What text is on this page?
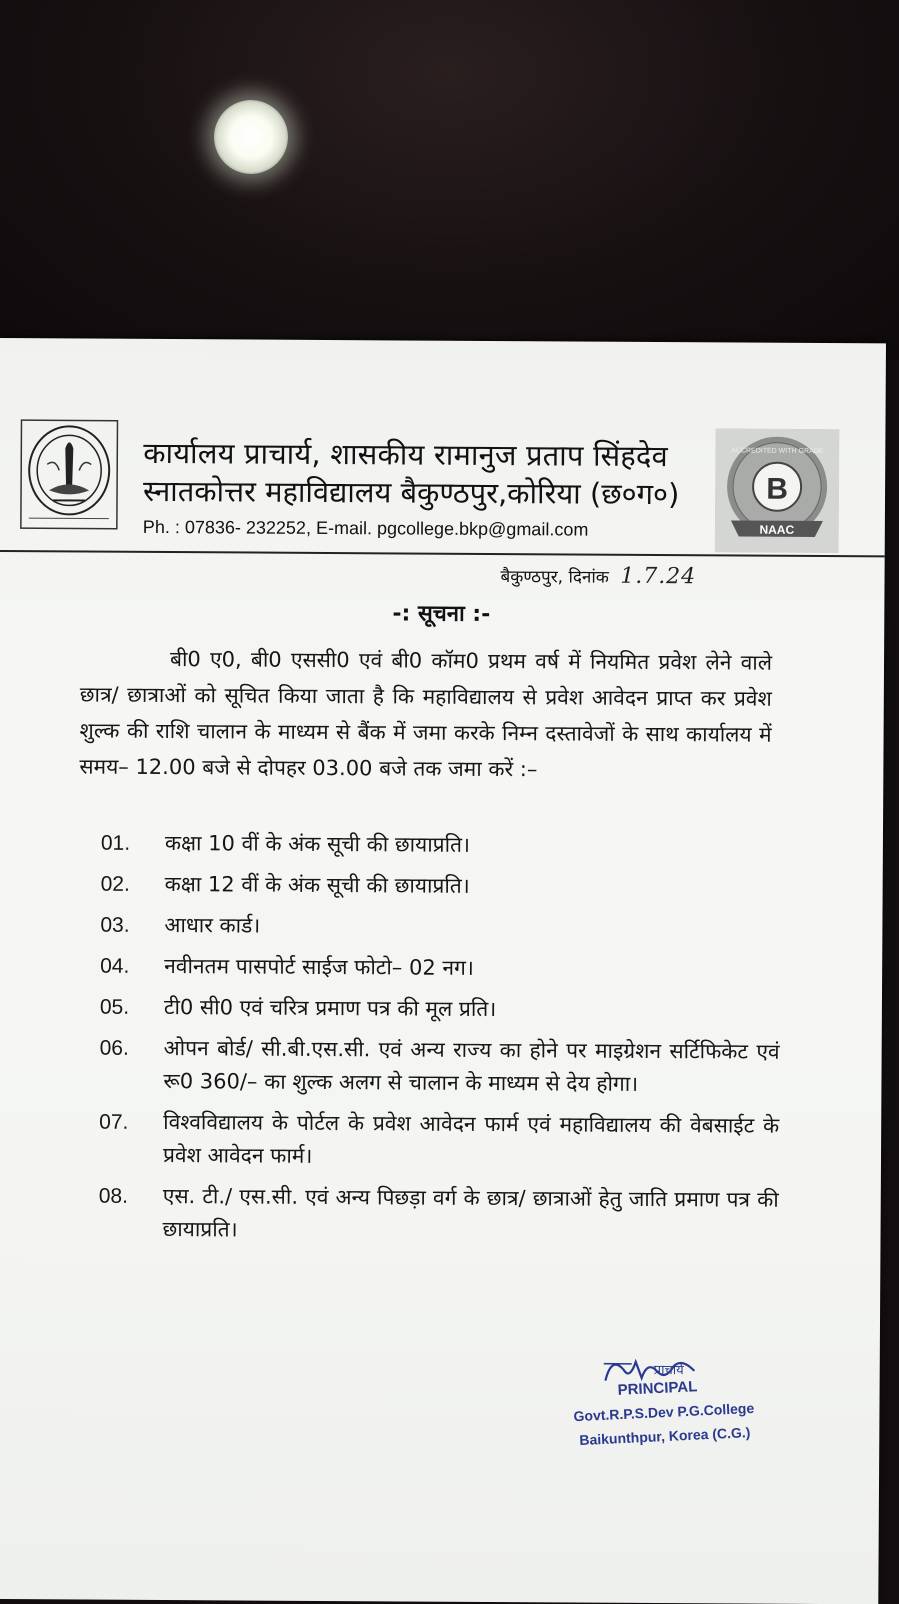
कार्यालय प्राचार्य, शासकीय रामानुज प्रताप सिंहदेव
स्नातकोत्तर महाविद्यालय बैकुण्ठपुर,कोरिया (छ०ग०)
Ph. : 07836- 232252, E-mail. pgcollege.bkp@gmail.com
B
NAAC
ACCREDITED WITH GRADE
बैकुण्ठपुर, दिनांक 1.7.24
-: सूचना :-

बी0 ए0, बी0 एससी0 एवं बी0 कॉम0 प्रथम वर्ष में नियमित प्रवेश लेने वाले छात्र/ छात्राओं को सूचित किया जाता है कि महाविद्यालय से प्रवेश आवेदन प्राप्त कर प्रवेश शुल्क की राशि चालान के माध्यम से बैंक में जमा करके निम्न दस्तावेजों के साथ कार्यालय में समय– 12.00 बजे से दोपहर 03.00 बजे तक जमा करें :–

01. कक्षा 10 वीं के अंक सूची की छायाप्रति।
02. कक्षा 12 वीं के अंक सूची की छायाप्रति।
03. आधार कार्ड।
04. नवीनतम पासपोर्ट साईज फोटो– 02 नग।
05. टी0 सी0 एवं चरित्र प्रमाण पत्र की मूल प्रति।
06. ओपन बोर्ड/ सी.बी.एस.सी. एवं अन्य राज्य का होने पर माइग्रेशन सर्टिफिकेट एवं रू0 360/– का शुल्क अलग से चालान के माध्यम से देय होगा।
07. विश्वविद्यालय के पोर्टल के प्रवेश आवेदन फार्म एवं महाविद्यालय की वेबसाईट के प्रवेश आवेदन फार्म।
08. एस. टी./ एस.सी. एवं अन्य पिछड़ा वर्ग के छात्र/ छात्राओं हेतु जाति प्रमाण पत्र की छायाप्रति।
प्राचार्य
PRINCIPAL
Govt.R.P.S.Dev P.G.College
Baikunthpur, Korea (C.G.)
